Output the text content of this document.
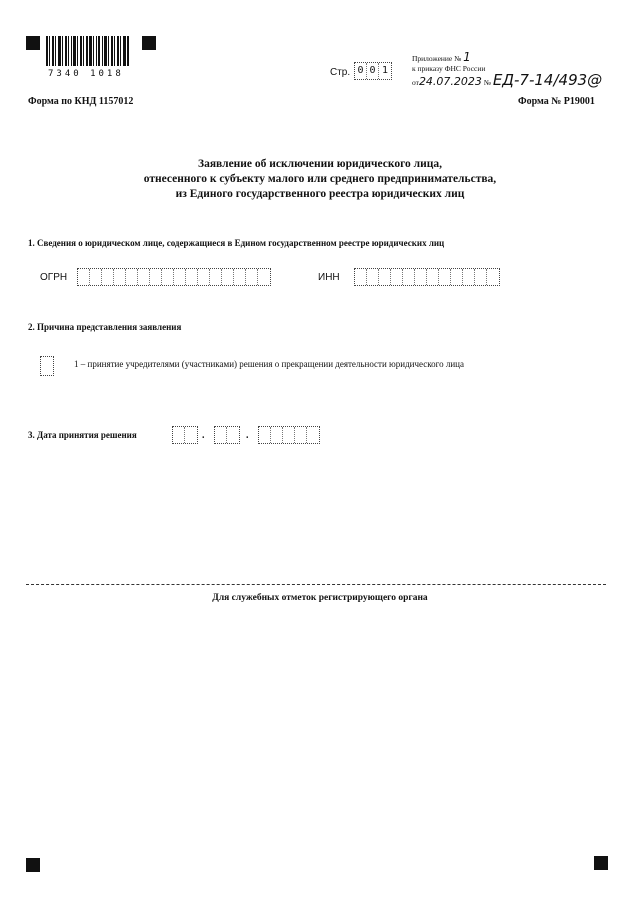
7340 1018	Стр. 0 0 1
Приложение № 1
к приказу ФНС России
от24.07.2023 № ЕД-7-14/493@
Форма по КНД 1157012	Форма № Р19001
Заявление об исключении юридического лица,
отнесенного к субъекту малого или среднего предпринимательства,
из Единого государственного реестра юридических лиц
1. Сведения о юридическом лице, содержащиеся в Едином государственном реестре юридических лиц
ОГРН	ИНН
2. Причина представления заявления
1 – принятие учредителями (участниками) решения о прекращении деятельности юридического лица
3. Дата принятия решения	.	.
Для служебных отметок регистрирующего органа
